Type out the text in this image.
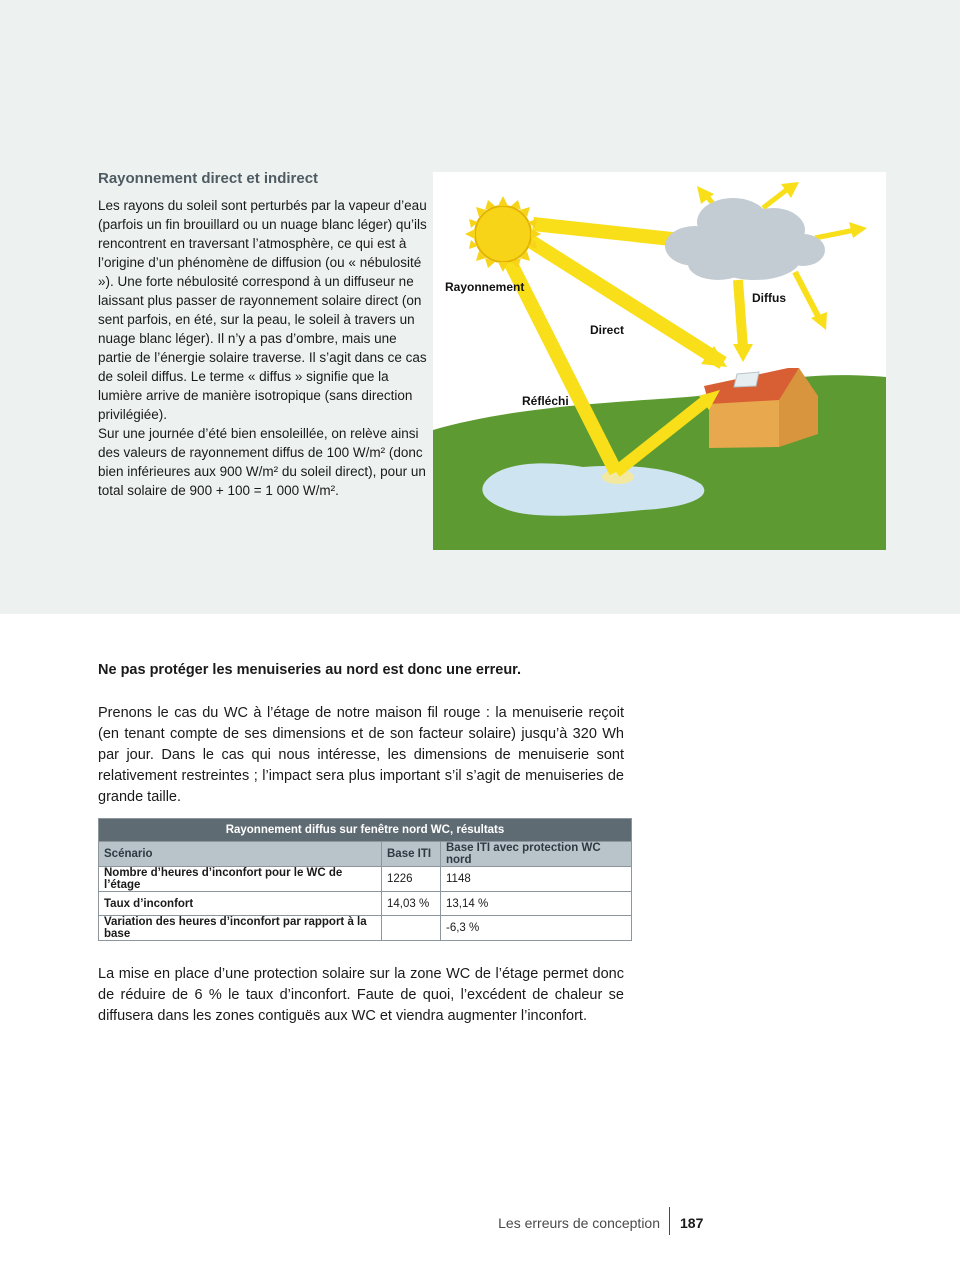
Rayonnement direct et indirect

Les rayons du soleil sont perturbés par la vapeur d’eau (parfois un fin brouillard ou un nuage blanc léger) qu’ils rencontrent en traversant l’atmosphère, ce qui est à l’origine d’un phénomène de diffusion (ou « nébulosité »). Une forte nébulosité correspond à un diffuseur ne laissant plus passer de rayonnement solaire direct (on sent parfois, en été, sur la peau, le soleil à travers un nuage blanc léger). Il n’y a pas d’ombre, mais une partie de l’énergie solaire traverse. Il s’agit dans ce cas de soleil diffus. Le terme « diffus » signifie que la lumière arrive de manière isotropique (sans direction privilégiée).

Sur une journée d’été bien ensoleillée, on relève ainsi des valeurs de rayonnement diffus de 100 W/m² (donc bien inférieures aux 900 W/m² du soleil direct), pour un total solaire de 900 + 100 = 1 000 W/m².

Rayonnement
Direct
Diffus
Réfléchi

Ne pas protéger les menuiseries au nord est donc une erreur.

Prenons le cas du WC à l’étage de notre maison fil rouge : la menuiserie reçoit (en tenant compte de ses dimensions et de son facteur solaire) jusqu’à 320 Wh par jour. Dans le cas qui nous intéresse, les dimensions de menuiserie sont relativement restreintes ; l’impact sera plus important s’il s’agit de menuiseries de grande taille.

Rayonnement diffus sur fenêtre nord WC, résultats		
Scénario	Base ITI	Base ITI avec protection WC nord
Nombre d’heures d’inconfort pour le WC de l’étage	1226	1148
Taux d’inconfort	14,03 %	13,14 %
Variation des heures d’inconfort par rapport à la base		-6,3 %

La mise en place d’une protection solaire sur la zone WC de l’étage permet donc de réduire de 6 % le taux d’inconfort. Faute de quoi, l’excédent de chaleur se diffusera dans les zones contiguës aux WC et viendra augmenter l’inconfort.

Les erreurs de conception 187
